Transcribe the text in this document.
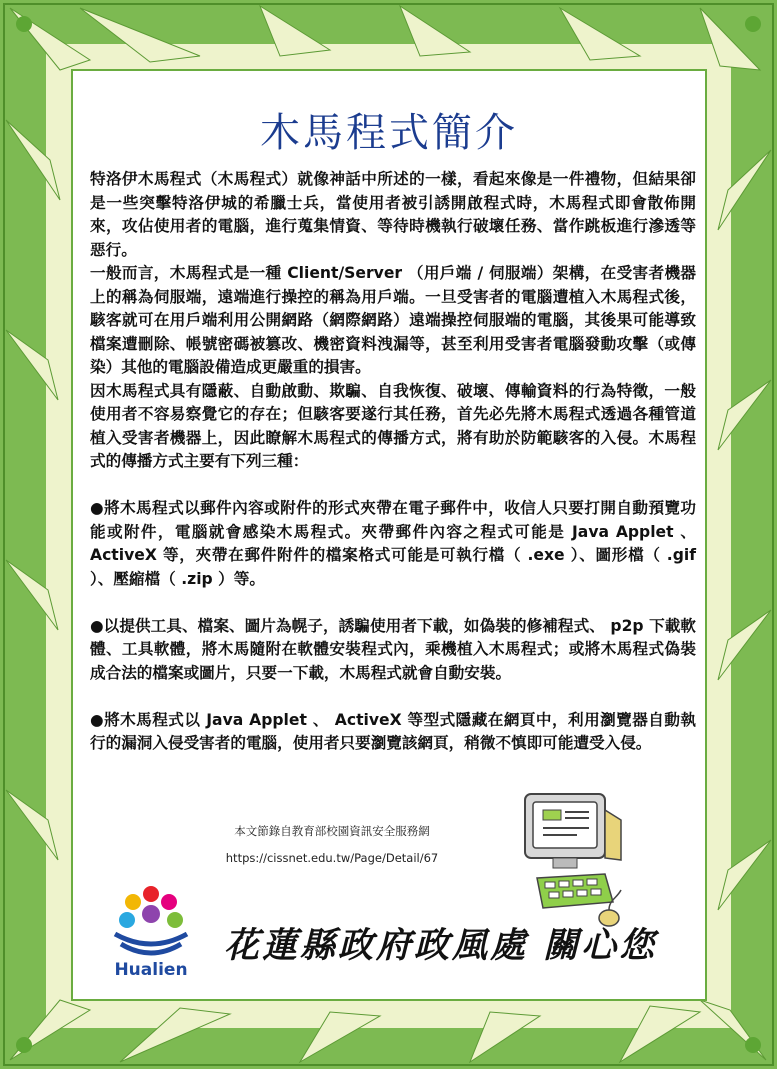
木馬程式簡介

特洛伊木馬程式（木馬程式）就像神話中所述的一樣，看起來像是一件禮物，但結果卻是一些突擊特洛伊城的希臘士兵，當使用者被引誘開啟程式時，木馬程式即會散佈開來，攻佔使用者的電腦，進行蒐集情資、等待時機執行破壞任務、當作跳板進行滲透等惡行。

一般而言，木馬程式是一種 Client/Server （用戶端 / 伺服端）架構，在受害者機器上的稱為伺服端，遠端進行操控的稱為用戶端。一旦受害者的電腦遭植入木馬程式後，駭客就可在用戶端利用公開網路（網際網路）遠端操控伺服端的電腦，其後果可能導致檔案遭刪除、帳號密碼被篡改、機密資料洩漏等，甚至利用受害者電腦發動攻擊（或傳染）其他的電腦設備造成更嚴重的損害。

因木馬程式具有隱蔽、自動啟動、欺騙、自我恢復、破壞、傳輸資料的行為特徵，一般使用者不容易察覺它的存在；但駭客要遂行其任務，首先必先將木馬程式透過各種管道植入受害者機器上，因此瞭解木馬程式的傳播方式，將有助於防範駭客的入侵。木馬程式的傳播方式主要有下列三種：

●將木馬程式以郵件內容或附件的形式夾帶在電子郵件中，收信人只要打開自動預覽功能或附件，電腦就會感染木馬程式。夾帶郵件內容之程式可能是 Java Applet 、 ActiveX 等，夾帶在郵件附件的檔案格式可能是可執行檔（ .exe ）、圖形檔（ .gif ）、壓縮檔（ .zip ）等。

●以提供工具、檔案、圖片為幌子，誘騙使用者下載，如偽裝的修補程式、 p2p 下載軟體、工具軟體，將木馬隨附在軟體安裝程式內，乘機植入木馬程式；或將木馬程式偽裝成合法的檔案或圖片，只要一下載，木馬程式就會自動安裝。

●將木馬程式以 Java Applet 、 ActiveX 等型式隱藏在網頁中，利用瀏覽器自動執行的漏洞入侵受害者的電腦，使用者只要瀏覽該網頁，稍微不慎即可能遭受入侵。

本文節錄自教育部校園資訊安全服務網
https://cissnet.edu.tw/Page/Detail/67
Hualien
花蓮縣政府政風處 關心您
